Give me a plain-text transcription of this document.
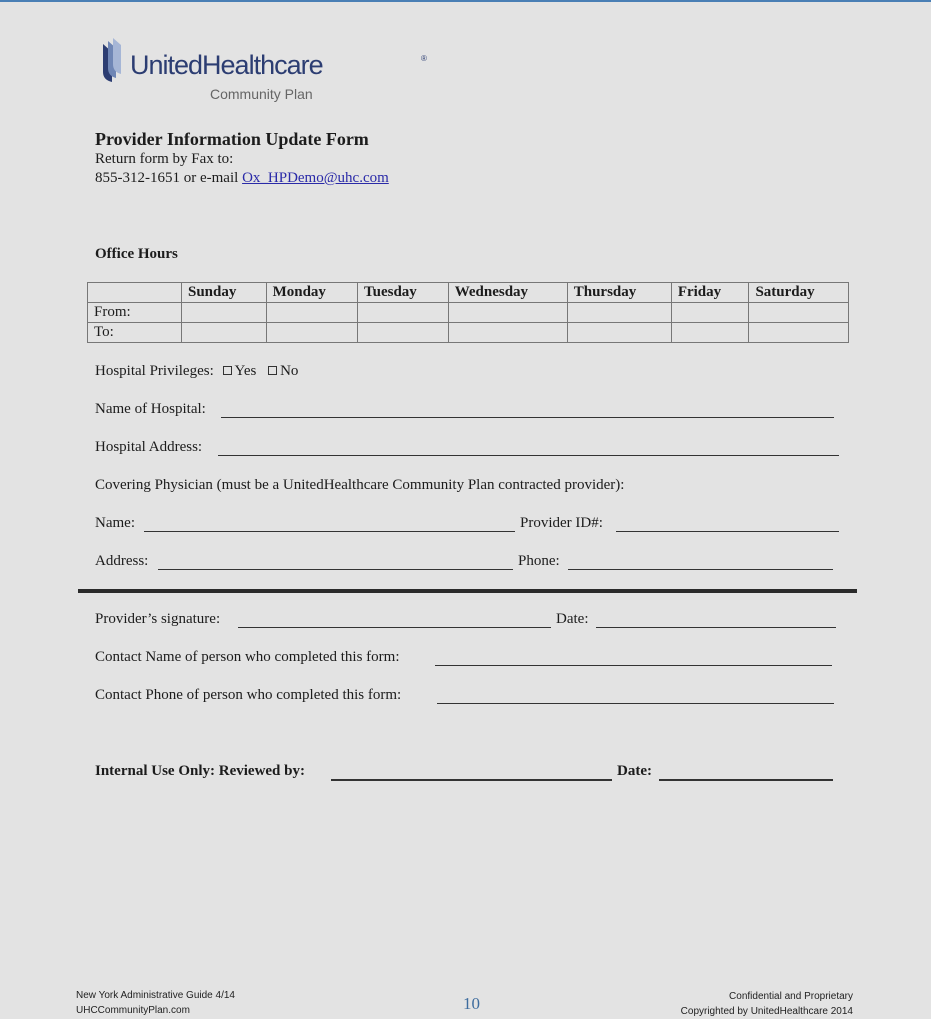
UnitedHealthcare	®
Community Plan
Provider Information Update Form
Return form by Fax to:
855-312-1651 or e-mail Ox_HPDemo@uhc.com
Office Hours
	Sunday	Monday	Tuesday	Wednesday	Thursday	Friday	Saturday
From:							
To:							
Hospital Privileges: Yes No
Name of Hospital:
Hospital Address:
Covering Physician (must be a UnitedHealthcare Community Plan contracted provider):
Name:	Provider ID#:
Address:	Phone:
Provider’s signature:	Date:
Contact Name of person who completed this form:
Contact Phone of person who completed this form:
Internal Use Only: Reviewed by:	Date:
New York Administrative Guide 4/14
UHCCommunityPlan.com	10	Confidential and Proprietary
Copyrighted by UnitedHealthcare 2014
